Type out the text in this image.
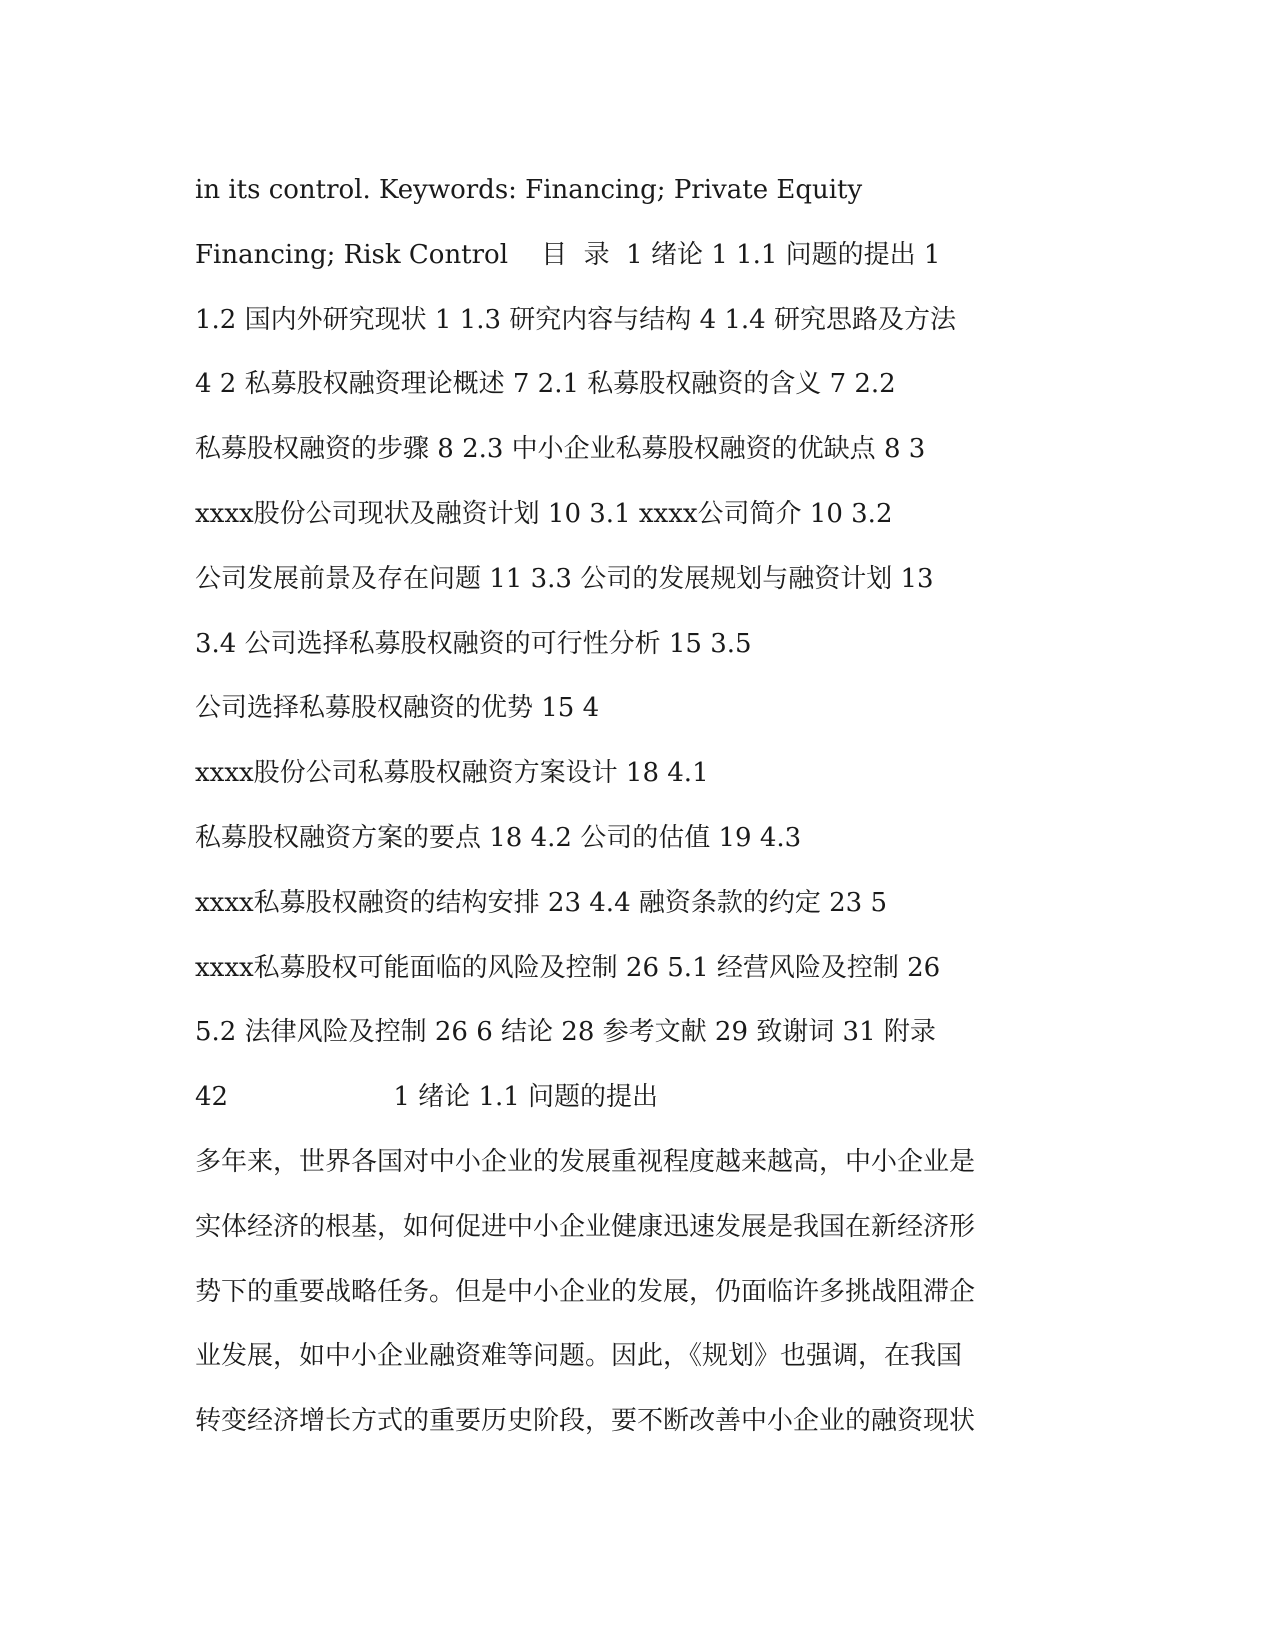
in its control. Keywords: Financing; Private Equity
Financing; Risk Control    目  录  1 绪论 1 1.1 问题的提出 1
1.2 国内外研究现状 1 1.3 研究内容与结构 4 1.4 研究思路及方法
4 2 私募股权融资理论概述 7 2.1 私募股权融资的含义 7 2.2
私募股权融资的步骤 8 2.3 中小企业私募股权融资的优缺点 8 3
xxxx股份公司现状及融资计划 10 3.1 xxxx公司简介 10 3.2
公司发展前景及存在问题 11 3.3 公司的发展规划与融资计划 13
3.4 公司选择私募股权融资的可行性分析 15 3.5
公司选择私募股权融资的优势 15 4
xxxx股份公司私募股权融资方案设计 18 4.1
私募股权融资方案的要点 18 4.2 公司的估值 19 4.3
xxxx私募股权融资的结构安排 23 4.4 融资条款的约定 23 5
xxxx私募股权可能面临的风险及控制 26 5.1 经营风险及控制 26
5.2 法律风险及控制 26 6 结论 28 参考文献 29 致谢词 31 附录
42                    1 绪论 1.1 问题的提出
多年来，世界各国对中小企业的发展重视程度越来越高，中小企业是
实体经济的根基，如何促进中小企业健康迅速发展是我国在新经济形
势下的重要战略任务。但是中小企业的发展，仍面临许多挑战阻滞企
业发展，如中小企业融资难等问题。因此，《规划》也强调，在我国
转变经济增长方式的重要历史阶段，要不断改善中小企业的融资现状
